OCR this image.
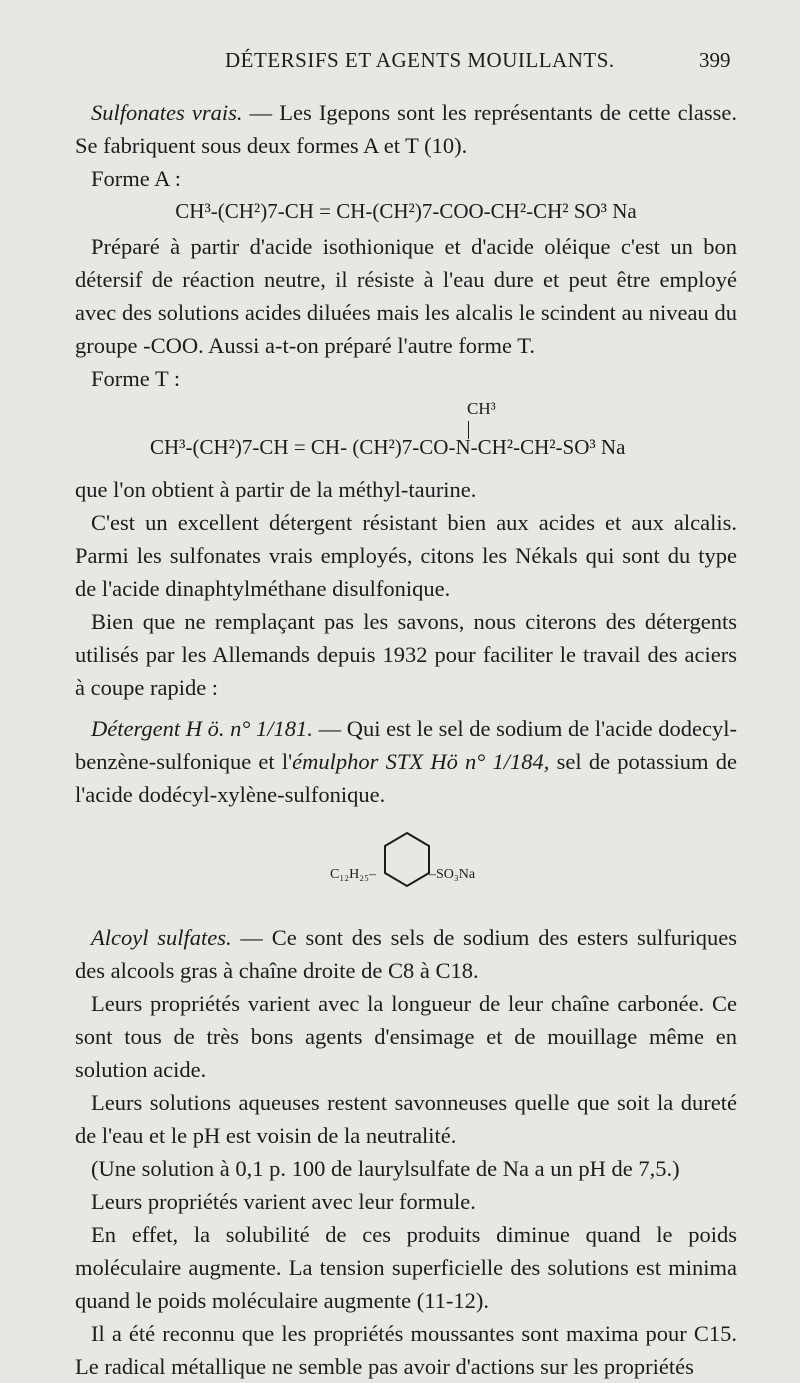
DÉTERSIFS ET AGENTS MOUILLANTS.	399

Sulfonates vrais. — Les Igepons sont les représentants de cette classe. Se fabriquent sous deux formes A et T (10).

Forme A :

CH³-(CH²)7-CH = CH-(CH²)7-COO-CH²-CH² SO³ Na

Préparé à partir d'acide isothionique et d'acide oléique c'est un bon détersif de réaction neutre, il résiste à l'eau dure et peut être employé avec des solutions acides diluées mais les alcalis le scindent au niveau du groupe -COO. Aussi a-t-on préparé l'autre forme T.

Forme T :

CH³
CH³-(CH²)7-CH = CH- (CH²)7-CO-N-CH²-CH²-SO³ Na

que l'on obtient à partir de la méthyl-taurine.

C'est un excellent détergent résistant bien aux acides et aux alcalis. Parmi les sulfonates vrais employés, citons les Nékals qui sont du type de l'acide dinaphtylméthane disulfonique.

Bien que ne remplaçant pas les savons, nous citerons des détergents utilisés par les Allemands depuis 1932 pour faciliter le travail des aciers à coupe rapide :

Détergent H ö. n° 1/181. — Qui est le sel de sodium de l'acide dodecyl-benzène-sulfonique et l'émulphor STX Hö n° 1/184, sel de potassium de l'acide dodécyl-xylène-sulfonique.

C₁₂H₂₅–	–SO₃Na

Alcoyl sulfates. — Ce sont des sels de sodium des esters sulfuriques des alcools gras à chaîne droite de C8 à C18.

Leurs propriétés varient avec la longueur de leur chaîne carbonée. Ce sont tous de très bons agents d'ensimage et de mouillage même en solution acide.

Leurs solutions aqueuses restent savonneuses quelle que soit la dureté de l'eau et le pH est voisin de la neutralité.

(Une solution à 0,1 p. 100 de laurylsulfate de Na a un pH de 7,5.)

Leurs propriétés varient avec leur formule.

En effet, la solubilité de ces produits diminue quand le poids moléculaire augmente. La tension superficielle des solutions est minima quand le poids moléculaire augmente (11-12).

Il a été reconnu que les propriétés moussantes sont maxima pour C15. Le radical métallique ne semble pas avoir d'actions sur les propriétés
